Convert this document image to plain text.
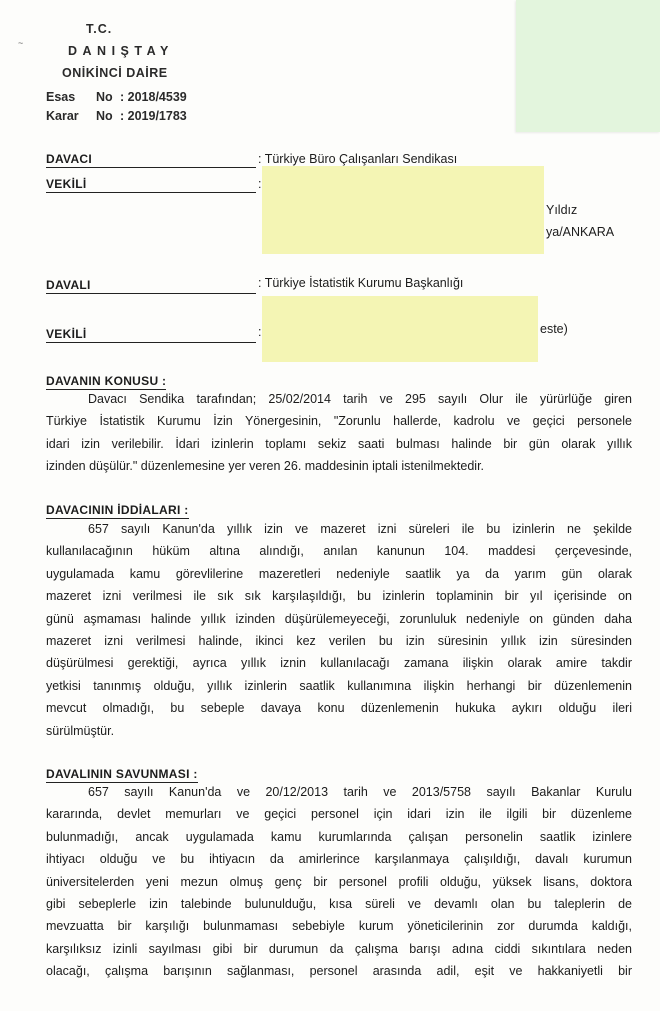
~
T.C.
DANIŞTAY
ONİKİNCİ DAİRE
Esas No : 2018/4539
Karar No : 2019/1783
DAVACI	: Türkiye Büro Çalışanları Sendikası
VEKİLİ	:
Yıldız
ya/ANKARA
DAVALI	: Türkiye İstatistik Kurumu Başkanlığı
VEKİLİ	:	este)
DAVANIN KONUSU :
Davacı Sendika tarafından; 25/02/2014 tarih ve 295 sayılı Olur ile yürürlüğe giren
Türkiye İstatistik Kurumu İzin Yönergesinin, "Zorunlu hallerde, kadrolu ve geçici personele
idari izin verilebilir. İdari izinlerin toplamı sekiz saati bulması halinde bir gün olarak yıllık
izinden düşülür." düzenlemesine yer veren 26. maddesinin iptali istenilmektedir.
DAVACININ İDDİALARI :
657 sayılı Kanun'da yıllık izin ve mazeret izni süreleri ile bu izinlerin ne şekilde
kullanılacağının hüküm altına alındığı, anılan kanunun 104. maddesi çerçevesinde,
uygulamada kamu görevlilerine mazeretleri nedeniyle saatlik ya da yarım gün olarak
mazeret izni verilmesi ile sık sık karşılaşıldığı, bu izinlerin toplaminin bir yıl içerisinde on
günü aşmaması halinde yıllık izinden düşürülemeyeceği, zorunluluk nedeniyle on günden daha
mazeret izni verilmesi halinde, ikinci kez verilen bu izin süresinin yıllık izin süresinden
düşürülmesi gerektiği, ayrıca yıllık iznin kullanılacağı zamana ilişkin olarak amire takdir
yetkisi tanınmış olduğu, yıllık izinlerin saatlik kullanımına ilişkin herhangi bir düzenlemenin
mevcut olmadığı, bu sebeple davaya konu düzenlemenin hukuka aykırı olduğu ileri
sürülmüştür.
DAVALININ SAVUNMASI :
657 sayılı Kanun'da ve 20/12/2013 tarih ve 2013/5758 sayılı Bakanlar Kurulu
kararında, devlet memurları ve geçici personel için idari izin ile ilgili bir düzenleme
bulunmadığı, ancak uygulamada kamu kurumlarında çalışan personelin saatlik izinlere
ihtiyacı olduğu ve bu ihtiyacın da amirlerince karşılanmaya çalışıldığı, davalı kurumun
üniversitelerden yeni mezun olmuş genç bir personel profili olduğu, yüksek lisans, doktora
gibi sebeplerle izin talebinde bulunulduğu, kısa süreli ve devamlı olan bu taleplerin de
mevzuatta bir karşılığı bulunmaması sebebiyle kurum yöneticilerinin zor durumda kaldığı,
karşılıksız izinli sayılması gibi bir durumun da çalışma barışı adına ciddi sıkıntılara neden
olacağı, çalışma barışının sağlanması, personel arasında adil, eşit ve hakkaniyetli bir
